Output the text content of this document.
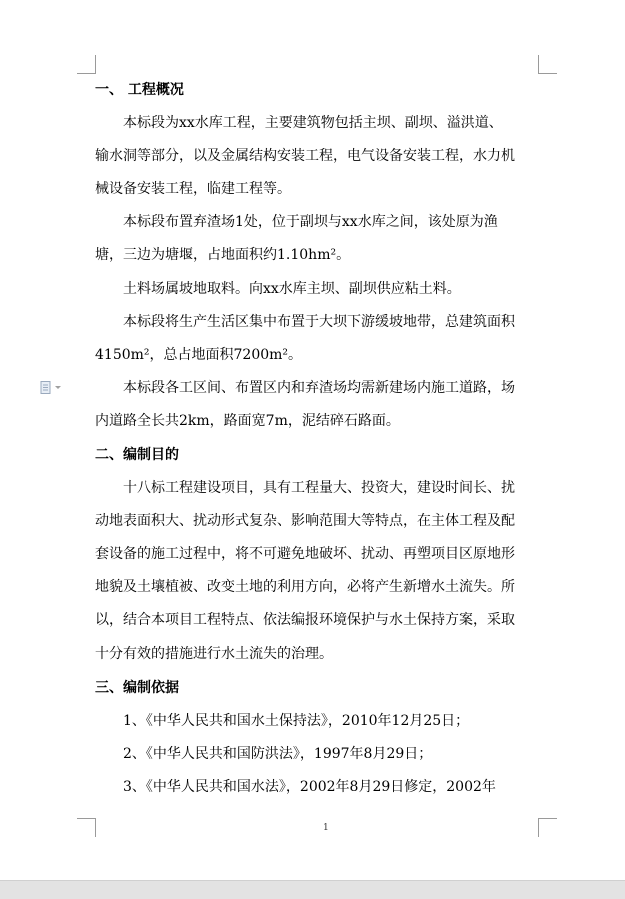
一、 工程概况
本标段为xx水库工程，主要建筑物包括主坝、副坝、溢洪道、
输水洞等部分，以及金属结构安装工程，电气设备安装工程，水力机
械设备安装工程，临建工程等。
本标段布置弃渣场1处，位于副坝与xx水库之间，该处原为渔
塘，三边为塘堰，占地面积约1.10hm²。
土料场属坡地取料。向xx水库主坝、副坝供应粘土料。
本标段将生产生活区集中布置于大坝下游缓坡地带，总建筑面积
4150m²，总占地面积7200m²。
本标段各工区间、布置区内和弃渣场均需新建场内施工道路，场
内道路全长共2km，路面宽7m，泥结碎石路面。
二、编制目的
十八标工程建设项目，具有工程量大、投资大，建设时间长、扰
动地表面积大、扰动形式复杂、影响范围大等特点，在主体工程及配
套设备的施工过程中，将不可避免地破坏、扰动、再塑项目区原地形
地貌及土壤植被、改变土地的利用方向，必将产生新增水土流失。所
以，结合本项目工程特点、依法编报环境保护与水土保持方案，采取
十分有效的措施进行水土流失的治理。
三、编制依据
1、《中华人民共和国水土保持法》，2010年12月25日；
2、《中华人民共和国防洪法》，1997年8月29日；
3、《中华人民共和国水法》，2002年8月29日修定，2002年
1
